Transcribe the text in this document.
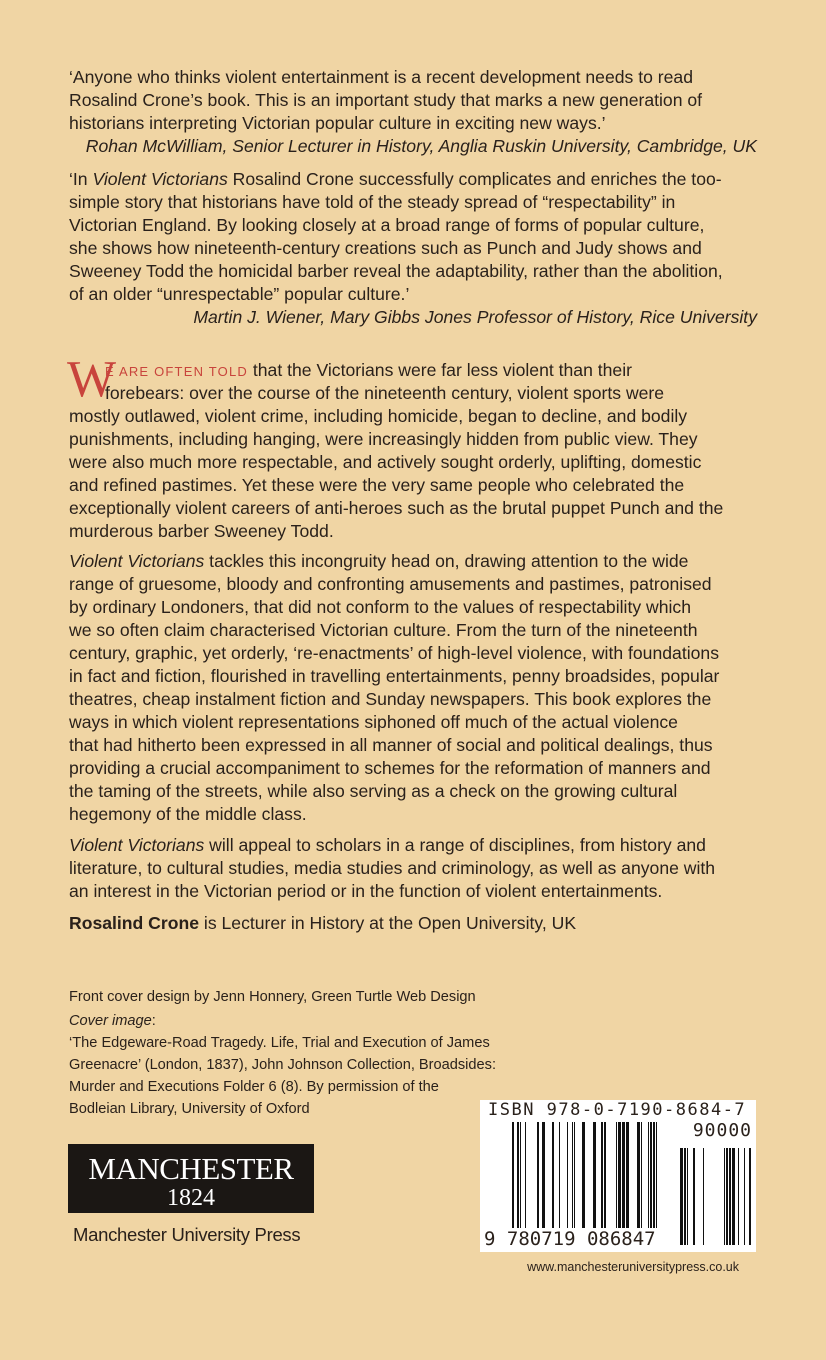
‘Anyone who thinks violent entertainment is a recent development needs to read
Rosalind Crone’s book. This is an important study that marks a new generation of
historians interpreting Victorian popular culture in exciting new ways.’
Rohan McWilliam, Senior Lecturer in History, Anglia Ruskin University, Cambridge, UK
‘In Violent Victorians Rosalind Crone successfully complicates and enriches the too-
simple story that historians have told of the steady spread of “respectability” in
Victorian England. By looking closely at a broad range of forms of popular culture,
she shows how nineteenth-century creations such as Punch and Judy shows and
Sweeney Todd the homicidal barber reveal the adaptability, rather than the abolition,
of an older “unrespectable” popular culture.’
Martin J. Wiener, Mary Gibbs Jones Professor of History, Rice University
W
E ARE OFTEN TOLD that the Victorians were far less violent than their
forebears: over the course of the nineteenth century, violent sports were
mostly outlawed, violent crime, including homicide, began to decline, and bodily
punishments, including hanging, were increasingly hidden from public view. They
were also much more respectable, and actively sought orderly, uplifting, domestic
and refined pastimes. Yet these were the very same people who celebrated the
exceptionally violent careers of anti-heroes such as the brutal puppet Punch and the
murderous barber Sweeney Todd.
Violent Victorians tackles this incongruity head on, drawing attention to the wide
range of gruesome, bloody and confronting amusements and pastimes, patronised
by ordinary Londoners, that did not conform to the values of respectability which
we so often claim characterised Victorian culture. From the turn of the nineteenth
century, graphic, yet orderly, ‘re-enactments’ of high-level violence, with foundations
in fact and fiction, flourished in travelling entertainments, penny broadsides, popular
theatres, cheap instalment fiction and Sunday newspapers. This book explores the
ways in which violent representations siphoned off much of the actual violence
that had hitherto been expressed in all manner of social and political dealings, thus
providing a crucial accompaniment to schemes for the reformation of manners and
the taming of the streets, while also serving as a check on the growing cultural
hegemony of the middle class.
Violent Victorians will appeal to scholars in a range of disciplines, from history and
literature, to cultural studies, media studies and criminology, as well as anyone with
an interest in the Victorian period or in the function of violent entertainments.
Rosalind Crone is Lecturer in History at the Open University, UK
Front cover design by Jenn Honnery, Green Turtle Web Design
Cover image:
‘The Edgeware-Road Tragedy. Life, Trial and Execution of James
Greenacre’ (London, 1837), John Johnson Collection, Broadsides:
Murder and Executions Folder 6 (8). By permission of the
Bodleian Library, University of Oxford
MANCHESTER
1824
Manchester University Press
ISBN 978-0-7190-8684-7
90000
9 780719 086847
www.manchesteruniversitypress.co.uk
